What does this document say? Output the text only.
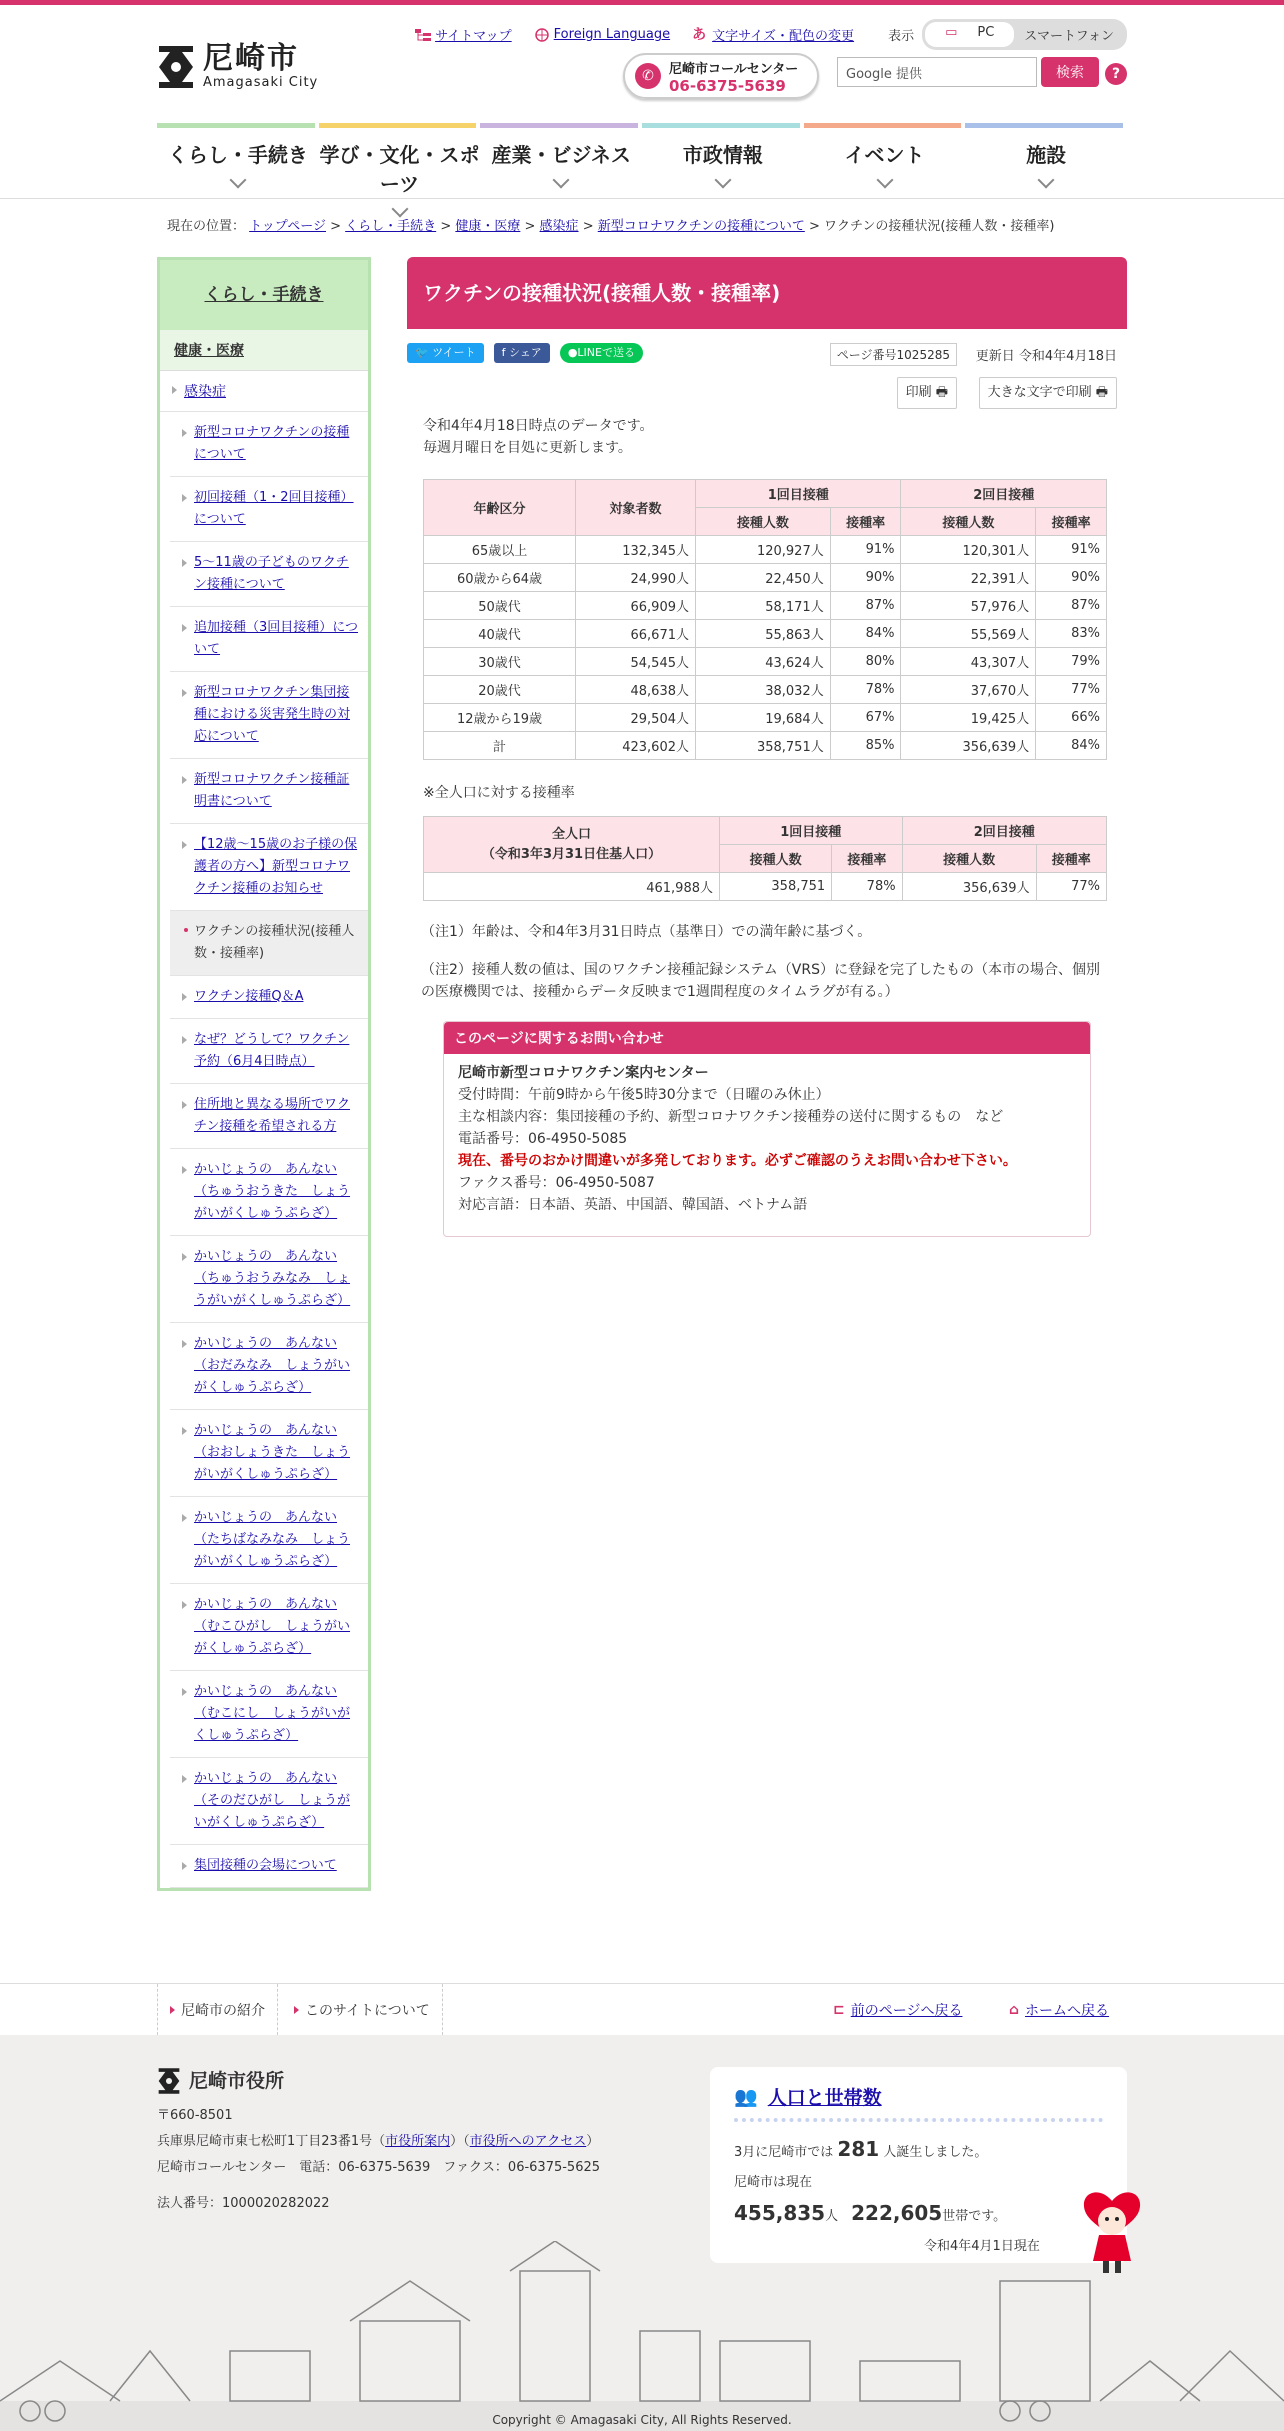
尼崎市
Amagasaki City
サイトマップ	Foreign Language あ 文字サイズ・配色の変更	表示	▭ PC	スマートフォン
✆	尼崎市コールセンター
06-6375-5639
Google 提供	検索	?
くらし・手続き 学び・文化・スポーツ
産業・ビジネス	市政情報	イベント	施設
現在の位置： トップページ > くらし・手続き > 健康・医療 > 感染症 > 新型コロナワクチンの接種について > ワクチンの接種状況(接種人数・接種率)
くらし・手続き
健康・医療
感染症
新型コロナワクチンの接種について
初回接種（1・2回目接種）について
5～11歳の子どものワクチン接種について
追加接種（3回目接種）について
新型コロナワクチン集団接種における災害発生時の対応について
新型コロナワクチン接種証明書について
【12歳～15歳のお子様の保護者の方へ】新型コロナワクチン接種のお知らせ
ワクチンの接種状況(接種人数・接種率)
ワクチン接種Q＆A
なぜ？どうして？ワクチン予約（6月4日時点）
住所地と異なる場所でワクチン接種を希望される方
かいじょうの　あんない（ちゅうおうきた　しょうがいがくしゅうぷらざ）
かいじょうの　あんない（ちゅうおうみなみ　しょうがいがくしゅうぷらざ）
かいじょうの　あんない（おだみなみ　しょうがいがくしゅうぷらざ）
かいじょうの　あんない（おおしょうきた　しょうがいがくしゅうぷらざ）
かいじょうの　あんない（たちばなみなみ　しょうがいがくしゅうぷらざ）
かいじょうの　あんない（むこひがし　しょうがいがくしゅうぷらざ）
かいじょうの　あんない（むこにし　しょうがいがくしゅうぷらざ）
かいじょうの　あんない（そのだひがし　しょうがいがくしゅうぷらざ）
集団接種の会場について
ワクチンの接種状況(接種人数・接種率)
🐦 ツイート	f シェア	●LINEで送る	ページ番号1025285	更新日 令和4年4月18日
印刷 🖶	大きな文字で印刷 🖶
令和4年4月18日時点のデータです。
毎週月曜日を目処に更新します。
年齢区分	対象者数	1回目接種		2回目接種	
		接種人数	接種率	接種人数	接種率
65歳以上	132,345人	120,927人	91%	120,301人	91%
60歳から64歳	24,990人	22,450人	90%	22,391人	90%
50歳代	66,909人	58,171人	87%	57,976人	87%
40歳代	66,671人	55,863人	84%	55,569人	83%
30歳代	54,545人	43,624人	80%	43,307人	79%
20歳代	48,638人	38,032人	78%	37,670人	77%
12歳から19歳	29,504人	19,684人	67%	19,425人	66%
計	423,602人	358,751人	85%	356,639人	84%
※全人口に対する接種率
全人口
（令和3年3月31日住基人口）	1回目接種		2回目接種	
	接種人数	接種率	接種人数	接種率
461,988人	358,751	78%	356,639人	77%
（注1）年齢は、令和4年3月31日時点（基準日）での満年齢に基づく。
（注2）接種人数の値は、国のワクチン接種記録システム（VRS）に登録を完了したもの（本市の場合、個別の医療機関では、接種からデータ反映まで1週間程度のタイムラグが有る。）
このページに関するお問い合わせ
尼崎市新型コロナワクチン案内センター
受付時間：午前9時から午後5時30分まで（日曜のみ休止）
主な相談内容：集団接種の予約、新型コロナワクチン接種券の送付に関するもの　など
電話番号：06-4950-5085
現在、番号のおかけ間違いが多発しております。必ずご確認のうえお問い合わせ下さい。
ファクス番号：06-4950-5087
対応言語：日本語、英語、中国語、韓国語、ベトナム語
尼崎市の紹介	このサイトについて	⊏ 前のページへ戻る	⌂ ホームへ戻る
尼崎市役所
〒660-8501
兵庫県尼崎市東七松町1丁目23番1号（市役所案内）（市役所へのアクセス）
尼崎市コールセンター　電話：06-6375-5639　ファクス：06-6375-5625
法人番号：1000020282022
👥 人口と世帯数
3月に尼崎市では 281 人誕生しました。
尼崎市は現在
455,835人　 222,605世帯です。
令和4年4月1日現在
Copyright © Amagasaki City, All Rights Reserved.
